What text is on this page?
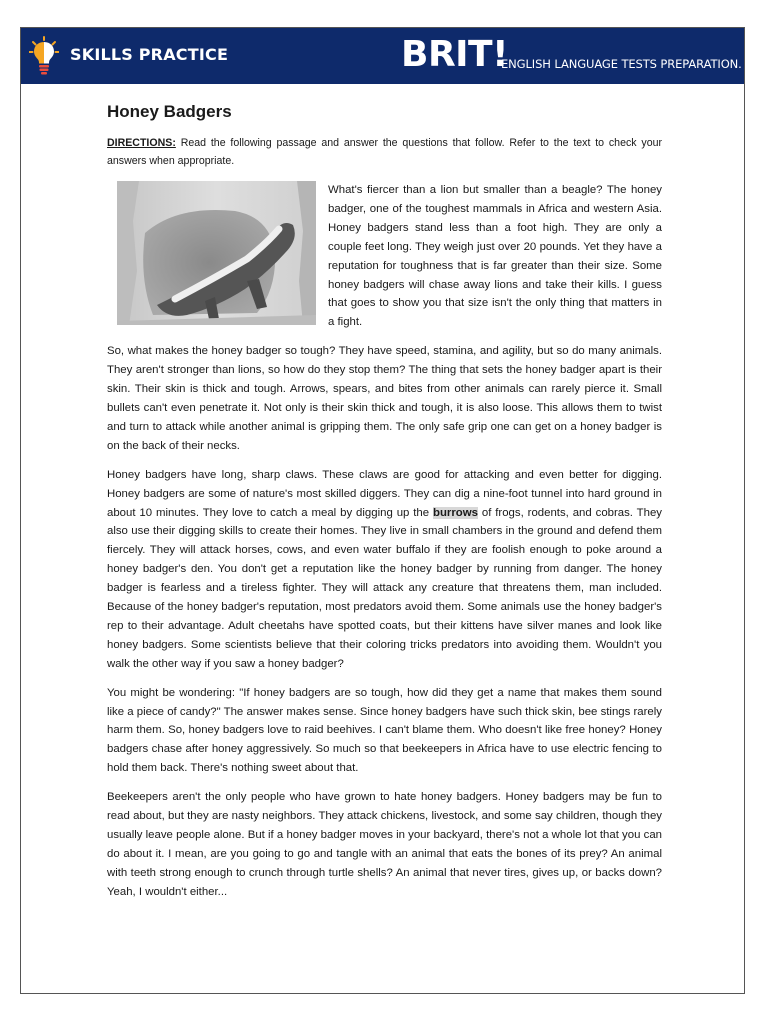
SKILLS PRACTICE	BRIT!
ENGLISH LANGUAGE TESTS PREPARATION.
Honey Badgers
DIRECTIONS: Read the following passage and answer the questions that follow. Refer to the text to check your answers when appropriate.

What's fiercer than a lion but smaller than a beagle? The honey badger, one of the toughest mammals in Africa and western Asia. Honey badgers stand less than a foot high. They are only a couple feet long. They weigh just over 20 pounds. Yet they have a reputation for toughness that is far greater than their size. Some honey badgers will chase away lions and take their kills. I guess that goes to show you that size isn't the only thing that matters in a fight.

So, what makes the honey badger so tough? They have speed, stamina, and agility, but so do many animals. They aren't stronger than lions, so how do they stop them? The thing that sets the honey badger apart is their skin. Their skin is thick and tough. Arrows, spears, and bites from other animals can rarely pierce it. Small bullets can't even penetrate it. Not only is their skin thick and tough, it is also loose. This allows them to twist and turn to attack while another animal is gripping them. The only safe grip one can get on a honey badger is on the back of their necks.

Honey badgers have long, sharp claws. These claws are good for attacking and even better for digging. Honey badgers are some of nature's most skilled diggers. They can dig a nine-foot tunnel into hard ground in about 10 minutes. They love to catch a meal by digging up the burrows of frogs, rodents, and cobras. They also use their digging skills to create their homes. They live in small chambers in the ground and defend them fiercely. They will attack horses, cows, and even water buffalo if they are foolish enough to poke around a honey badger's den. You don't get a reputation like the honey badger by running from danger. The honey badger is fearless and a tireless fighter. They will attack any creature that threatens them, man included. Because of the honey badger's reputation, most predators avoid them. Some animals use the honey badger's rep to their advantage. Adult cheetahs have spotted coats, but their kittens have silver manes and look like honey badgers. Some scientists believe that their coloring tricks predators into avoiding them. Wouldn't you walk the other way if you saw a honey badger?

You might be wondering: "If honey badgers are so tough, how did they get a name that makes them sound like a piece of candy?" The answer makes sense. Since honey badgers have such thick skin, bee stings rarely harm them. So, honey badgers love to raid beehives. I can't blame them. Who doesn't like free honey? Honey badgers chase after honey aggressively. So much so that beekeepers in Africa have to use electric fencing to hold them back. There's nothing sweet about that.

Beekeepers aren't the only people who have grown to hate honey badgers. Honey badgers may be fun to read about, but they are nasty neighbors. They attack chickens, livestock, and some say children, though they usually leave people alone. But if a honey badger moves in your backyard, there's not a whole lot that you can do about it. I mean, are you going to go and tangle with an animal that eats the bones of its prey? An animal with teeth strong enough to crunch through turtle shells? An animal that never tires, gives up, or backs down? Yeah, I wouldn't either...
